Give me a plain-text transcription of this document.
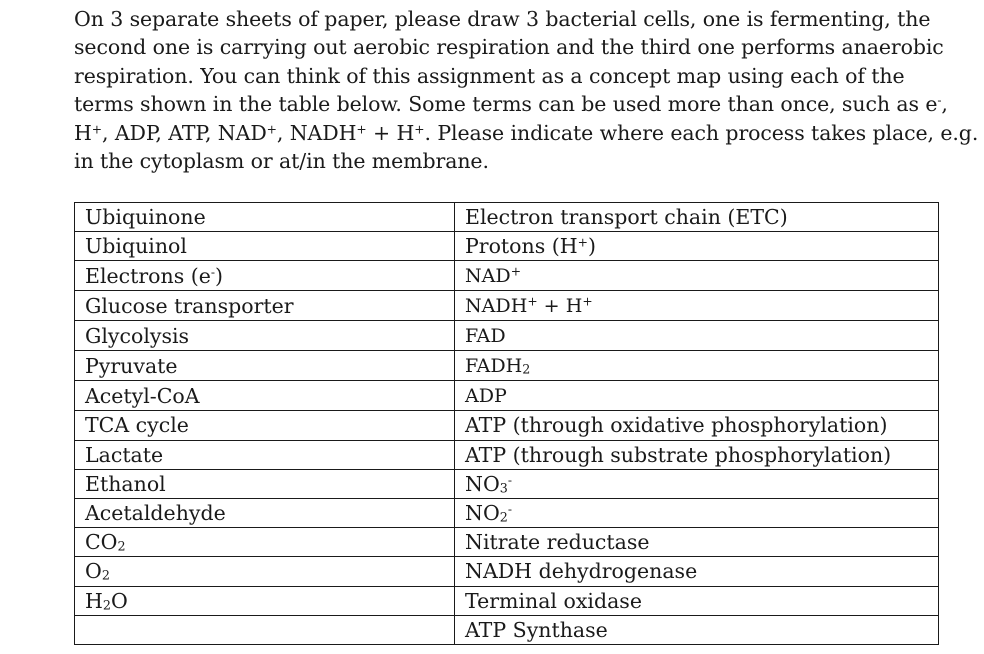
On 3 separate sheets of paper, please draw 3 bacterial cells, one is fermenting, the
second one is carrying out aerobic respiration and the third one performs anaerobic
respiration. You can think of this assignment as a concept map using each of the
terms shown in the table below. Some terms can be used more than once, such as e-,
H+, ADP, ATP, NAD+, NADH+ + H+. Please indicate where each process takes place, e.g.
in the cytoplasm or at/in the membrane.
Ubiquinone	Electron transport chain (ETC)
Ubiquinol	Protons (H+)
Electrons (e-)	NAD+
Glucose transporter	NADH+ + H+
Glycolysis	FAD
Pyruvate	$FADH_2$
Acetyl-CoA	ADP
TCA cycle	ATP (through oxidative phosphorylation)
Lactate	ATP (through substrate phosphorylation)
Ethanol	$NO_3^-$
Acetaldehyde	$NO_2^-$
$CO_2$	Nitrate reductase
$O_2$	NADH dehydrogenase
$H_2O$	Terminal oxidase
	ATP Synthase
